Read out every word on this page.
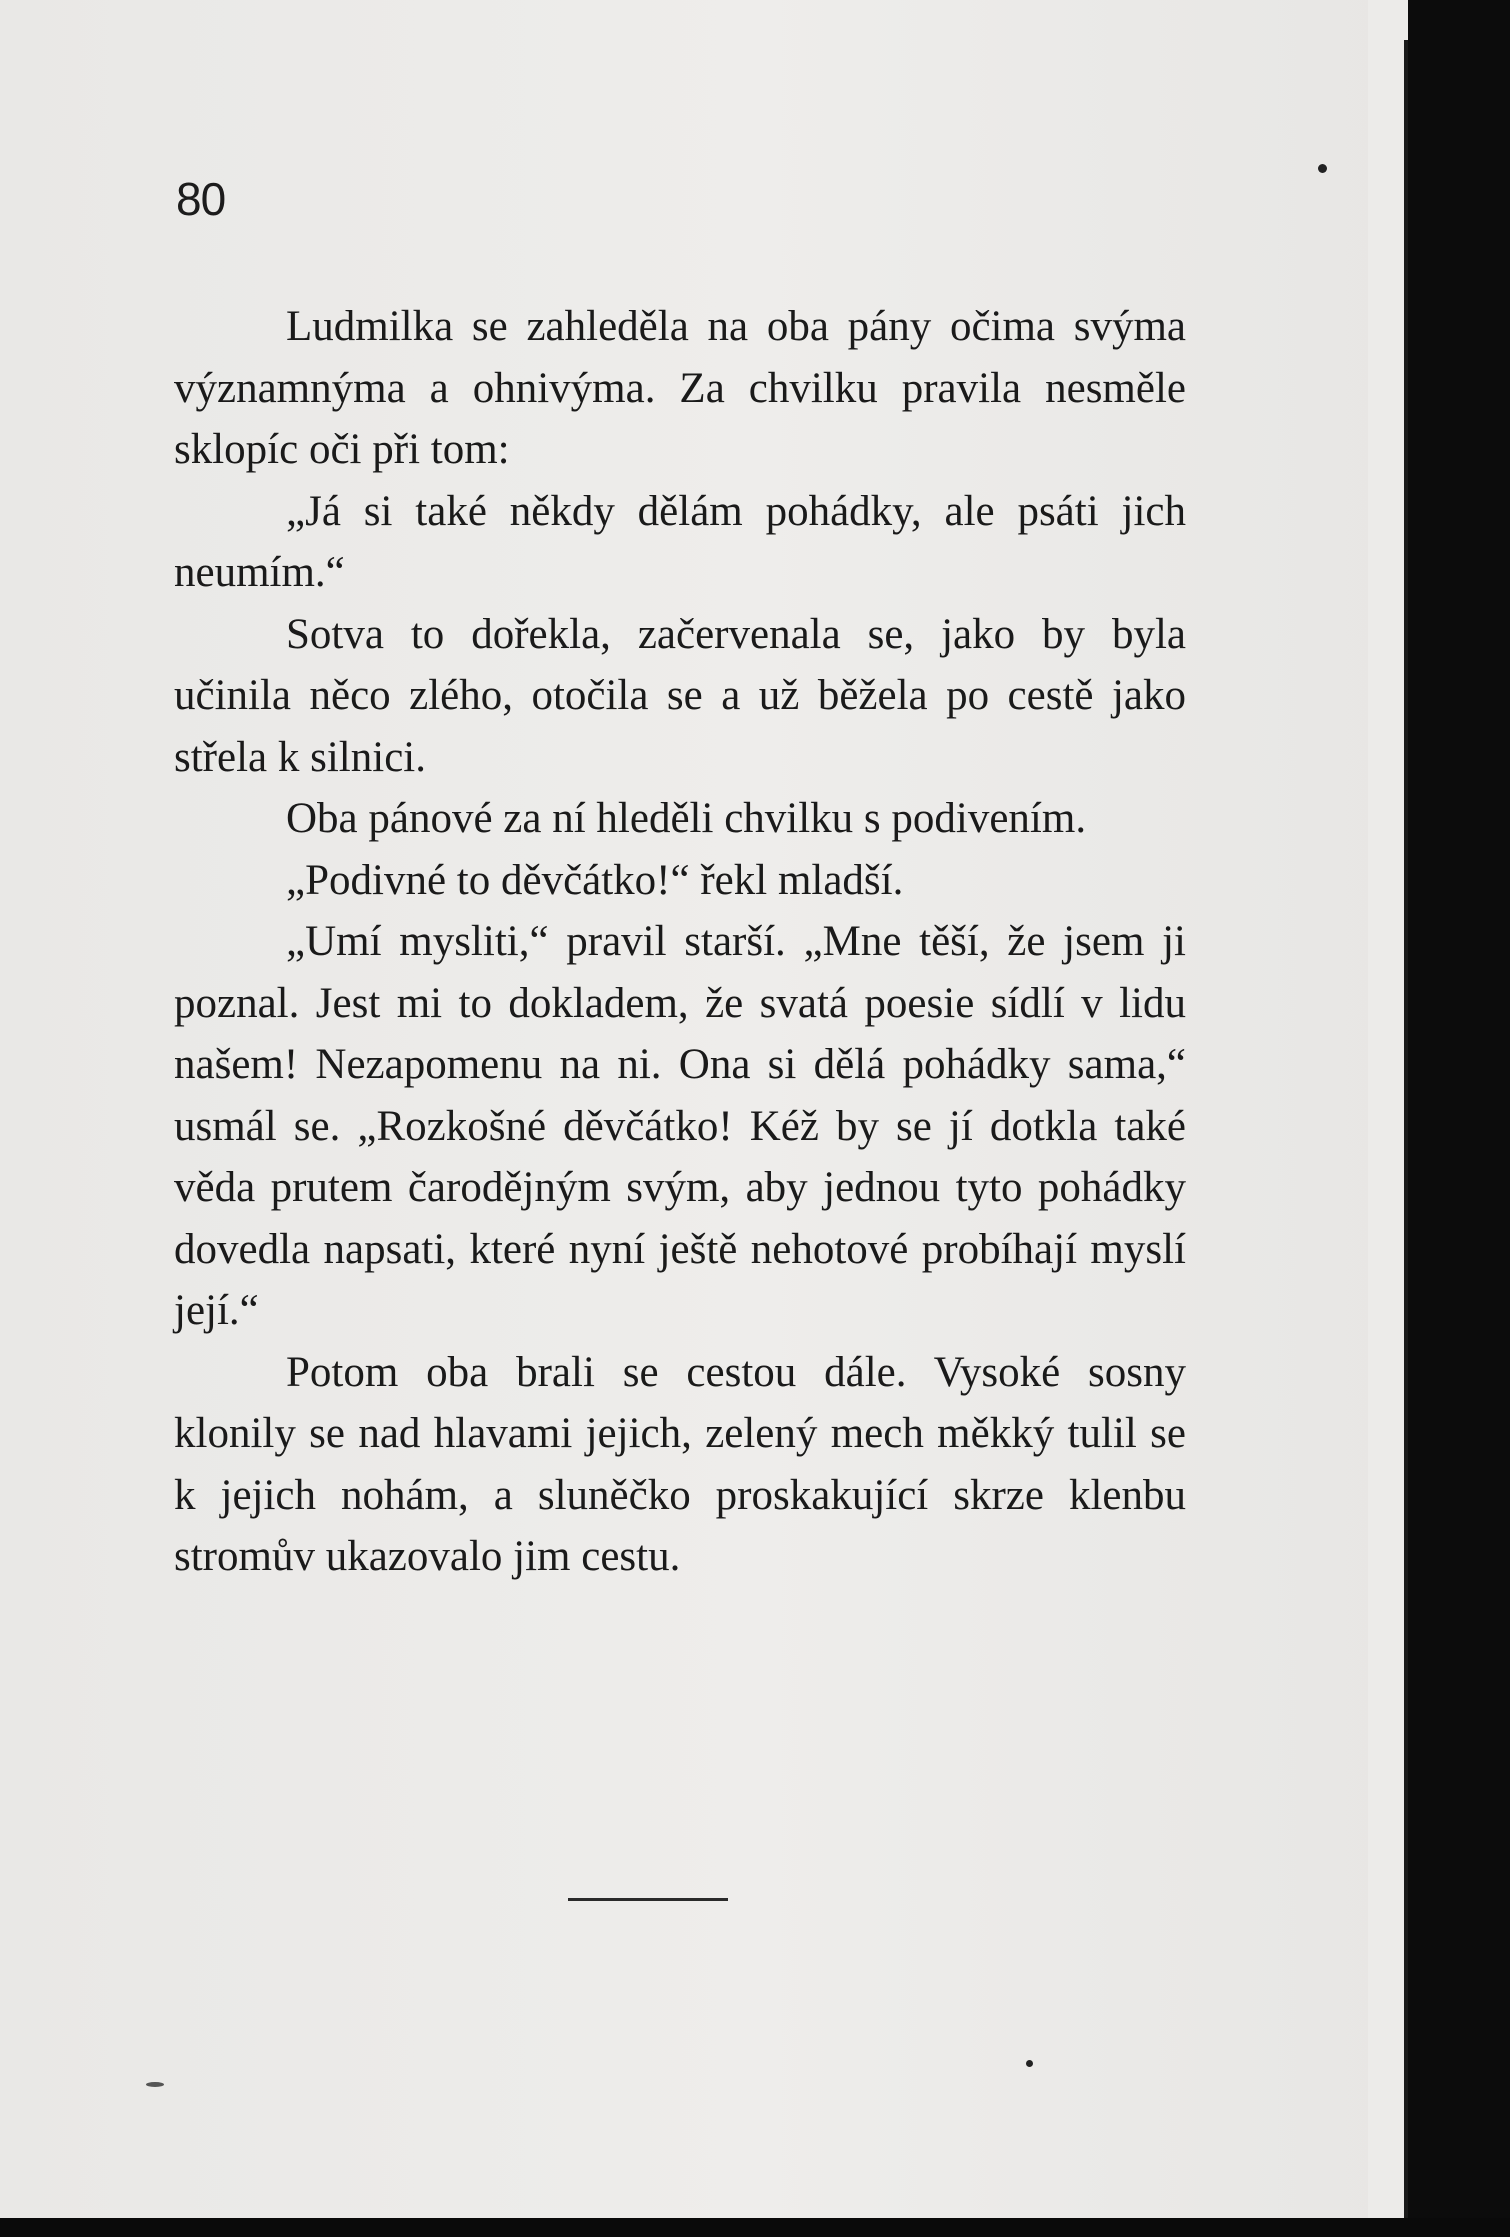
80

Ludmilka se zahleděla na oba pány očima svýma významnýma a ohnivýma. Za chvilku pravila nesměle sklopíc oči při tom:

„Já si také někdy dělám pohádky, ale psáti jich neumím.“

Sotva to dořekla, začervenala se, jako by byla učinila něco zlého, otočila se a už běžela po cestě jako střela k silnici.

Oba pánové za ní hleděli chvilku s podivením.

„Podivné to děvčátko!“ řekl mladší.

„Umí mysliti,“ pravil starší. „Mne těší, že jsem ji poznal. Jest mi to dokladem, že svatá poesie sídlí v lidu našem! Nezapomenu na ni. Ona si dělá pohádky sama,“ usmál se. „Rozkošné děvčátko! Kéž by se jí dotkla také věda prutem čarodějným svým, aby jednou tyto pohádky dovedla napsati, které nyní ještě nehotové probíhají myslí její.“

Potom oba brali se cestou dále. Vysoké sosny klonily se nad hlavami jejich, zelený mech měkký tulil se k jejich nohám, a sluněčko proskakující skrze klenbu stromův ukazovalo jim cestu.
